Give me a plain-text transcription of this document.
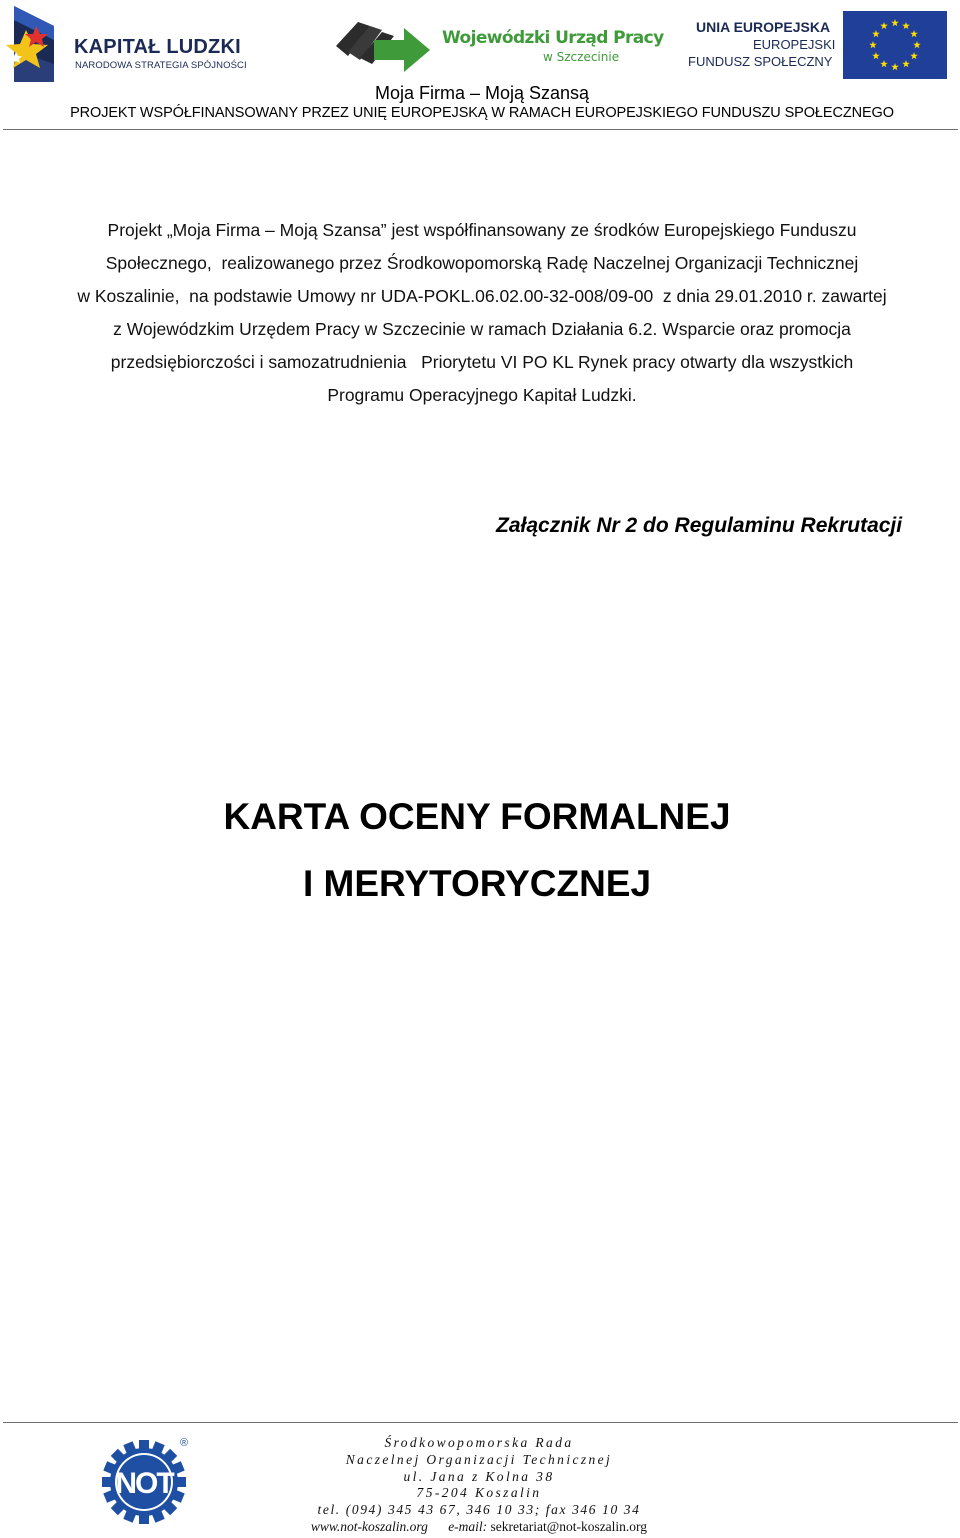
KAPITAŁ LUDZKI
NARODOWA STRATEGIA SPÓJNOŚCI
Wojewódzki Urząd Pracy
w Szczecinie
UNIA EUROPEJSKA
EUROPEJSKI
FUNDUSZ SPOŁECZNY
Moja Firma – Moją Szansą
PROJEKT WSPÓŁFINANSOWANY PRZEZ UNIĘ EUROPEJSKĄ W RAMACH EUROPEJSKIEGO FUNDUSZU SPOŁECZNEGO
Projekt „Moja Firma – Moją Szansa” jest współfinansowany ze środków Europejskiego Funduszu
Społecznego,  realizowanego przez Środkowopomorską Radę Naczelnej Organizacji Technicznej
w Koszalinie,  na podstawie Umowy nr UDA-POKL.06.02.00-32-008/09-00  z dnia 29.01.2010 r. zawartej
z Wojewódzkim Urzędem Pracy w Szczecinie w ramach Działania 6.2. Wsparcie oraz promocja
przedsiębiorczości i samozatrudnienia   Priorytetu VI PO KL Rynek pracy otwarty dla wszystkich
Programu Operacyjnego Kapitał Ludzki.
Załącznik Nr 2 do Regulaminu Rekrutacji
KARTA OCENY FORMALNEJ
I MERYTORYCZNEJ
NOT
®	Środkowopomorska Rada
Naczelnej Organizacji Technicznej
ul. Jana z Kolna 38
75-204 Koszalin
tel. (094) 345 43 67, 346 10 33; fax 346 10 34
www.not-koszalin.org e-mail: sekretariat@not-koszalin.org
